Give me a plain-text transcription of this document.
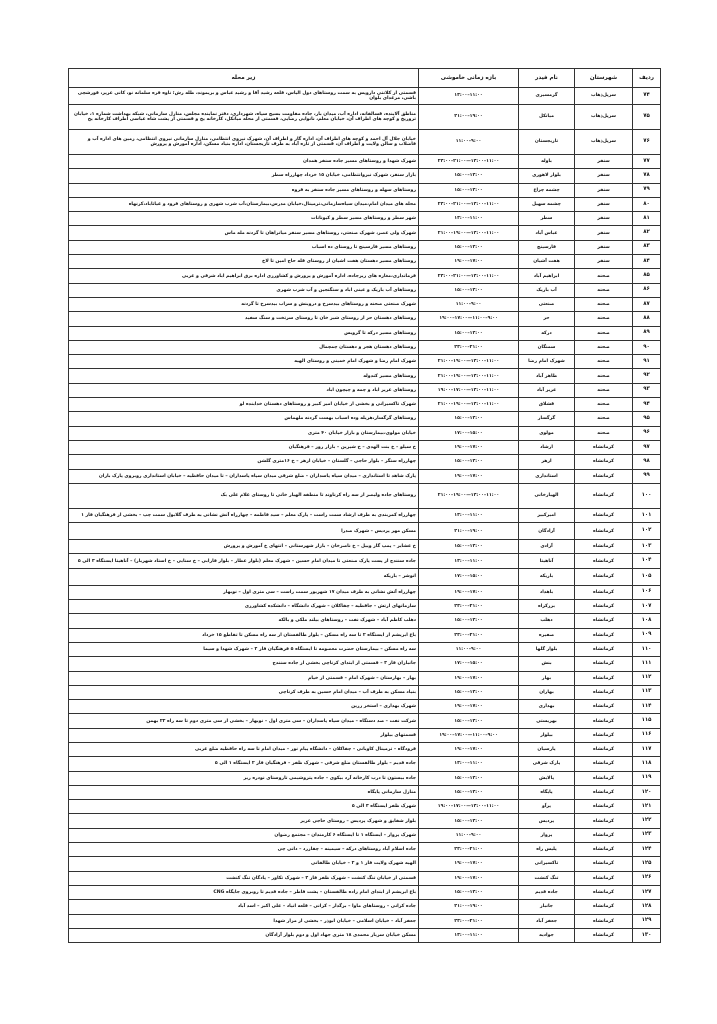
ردیف	شهرستان	نام فیدر	بازه زمانی خاموشی	زیر محله
۷۴	سرپل‌ذهاب	گرمسیری	۱۱:۰۰–۱۳:۰۰	قسمتی از کلانتی داروپس به سمت روستاهای دول الیاس، قلعه رشید آقا و رشید عباس و بریموند، طله رش؛ ناوه قره سلمانه نو، کانی عزیز، قورشچی باشی، مرغدای بلوان
۷۵	سرپل‌ذهاب	میانکل	۱۹:۰۰–۲۱:۰۰	مناطق آلاینده، قسالقانه، اداره آب، میدان بار، جاده مقاومت بسیج سپاه، شهرداری، دفتر نماینده مجلس، منازل سازمانی، شبکه بهداشت شماره ۱، خیابان تروریخ و کوچه های اطراف آن، خیابان معلم، نانوایی رضایی، قسمتی از محله میانکل، کارخانه یخ و قسمتی از پشت شاه عباسی اطراف کارخانه یخ
۷۶	سرپل‌ذهاب	تازیجستان	۹:۰۰–۱۱:۰۰	خیابان جلال آل احمد و کوچه های اطراف آن، اداره گاز و اطراف آن، شهرک نیروی انتظامی، منازل سازمانی نیروی انتظامی، زمین های اداره آب و فاضلاب و سالن ولایت و اطراف آن، قسمتی از تازه آباد به طرف تازیجستان، اداره بنیاد مسکن، اداره آموزش و پرورش
۷۷	سنقر	باوله	۱۱:۰۰–۱۳:۰۰—۲۱:۰۰–۲۳:۰۰	شهرک شهدا و روستاهای مسیر جاده سنقر همدان
۷۸	سنقر	بلوار لاهوری	۱۳:۰۰–۱۵:۰۰	بازار سنقر، شهرک نیروانتظامی، خیابان ۱۵ خرداد چهارراه سطر
۷۹	سنقر	چشمه چراغ	۱۳:۰۰–۱۵:۰۰	روستاهای سهله و روستاهای مسیر جاده سنقر به قروه
۸۰	سنقر	چشمه سهیل	۱۱:۰۰–۱۳:۰۰—۲۱:۰۰–۲۳:۰۰	محله های میدان امام،میدان سیاه‌سازمانی،ترمینال،خیابان مدرس،بیمارستان،آب شرب شهری و روستاهای فرود و غیاثاباد،کزنهاه
۸۱	سنقر	سطر	۱۱:۰۰–۱۳:۰۰	شهر سطر و روستاهای مسیر سطر و کیوناتات
۸۲	سنقر	عباس آباد	۱۱:۰۰–۱۳:۰۰—۱۹:۰۰–۲۱:۰۰	شهرک ولی عصر، شهرک صنعتی، روستاهای مسیر سنقر میانراهان تا گردنه مله ماس
۸۳	سنقر	فارسینج	۱۳:۰۰–۱۵:۰۰	روستاهای مسیر فارسینج تا روستای ده اسباب
۸۴	سنقر	هفت آشیان	۱۷:۰۰–۱۹:۰۰	روستاهای مسیر دهستان هفت اشیان از روستای قله حاج امین تا لاخ
۸۵	صحنه	ابراهیم آباد	۱۱:۰۰–۱۳:۰۰—۲۱:۰۰–۲۳:۰۰	فرمانداری،مغازه های زیرجاده، اداره آموزش و پرورش و کشاورزی اداره برق ابراهیم اباد شرقی و غربی
۸۶	صحنه	آب باریک	۱۳:۰۰–۱۵:۰۰	روستاهای آب باریک و عینی اباد و سنگنجین و آب شرب شهری
۸۷	صحنه	صنعتی	۹:۰۰–۱۱:۰۰	شهرک صنعتی صحنه و روستاهای بیدسرخ و دروبنش و سراب بیدسرخ تا گردنه
۸۸	صحنه	حر	۹:۰۰–۱۱:۰۰—۱۷:۰۰–۱۹:۰۰	روستاهای دهستان حر از روستای شیر خان تا روستای سرتخت و سنگ سفید
۸۹	صحنه	درکه	۱۳:۰۰–۱۵:۰۰	روستاهای مسیر درکه تا گرویس
۹۰	صحنه	سمنگان	۲۱:۰۰–۲۳:۰۰	روستاهای دهستان هجر و دهستان چمچمال
۹۱	صحنه	شهرک امام رضا	۱۱:۰۰–۱۳:۰۰—۱۹:۰۰–۲۱:۰۰	شهرک امام رضا و شهرک امام خمینی و روستای الهیه
۹۲	صحنه	طاهر آباد	۱۱:۰۰–۱۳:۰۰—۱۹:۰۰–۲۱:۰۰	روستاهای مسیر کندوله
۹۳	صحنه	عزیز آباد	۱۱:۰۰–۱۳:۰۰—۱۷:۰۰–۱۹:۰۰	روستاهای عزیز اباد و چمه و چیچون اباد
۹۴	صحنه	قشلاق	۱۱:۰۰–۱۳:۰۰—۱۹:۰۰–۲۱:۰۰	شهرک تاکسیرانی و بخشی از خیابان امیر کبیر و روستاهای دهستان خدابنده لو
۹۵	صحنه	گرگسار	۱۳:۰۰–۱۵:۰۰	روستاهای گرگسار،هریله وده اسباب بهست گردنه ملهماس
۹۶	صحنه	مولوی	۱۵:۰۰–۱۷:۰۰	خیابان مولوی،بیمارستان و بازار خیابان ۴۰ متری
۹۷	کرمانشاه	ارشاد	۱۷:۰۰–۱۹:۰۰	خ سیلو – خ بنت الهدی – خ شیرین – بازار روز – فرهنگیان
۹۸	کرمانشاه	ازهر	۱۳:۰۰–۱۵:۰۰	چهارراه سنگر – بلوار حاجی – گلستان – خیابان ازهر – خ ۱۶متری گلشن
۹۹	کرمانشاه	استانداری	۱۷:۰۰–۱۹:۰۰	پارک شاهد تا استانداری – میدان سپاه پاسداران – ضلع شرقی میدان سپاه پاسداران – تا میدان حافظیه – خیابان استانداری روبروی پارک بازان
۱۰۰	کرمانشاه	الهیارخانی	۱۱:۰۰–۱۳:۰۰—۱۹:۰۰–۲۱:۰۰	روستاهای جاده ولیصر از سه راه کرناوند تا منطقه الهیار خانی تا روستای غلام علی بک
۱۰۱	کرمانشاه	امیرکبیر	۱۱:۰۰–۱۳:۰۰	چهارراه کمربندی به طرف ارشاد سمت راست – پارک معلم – سید فاطمه – چهارراه آتش نشانی به طرف گلابول سمت چپ – بخشی از فرهنگیان فاز ۱
۱۰۲	کرمانشاه	آزادگان	۱۹:۰۰–۲۱:۰۰	مسکن مهر پردیس – شهرک صدرا
۱۰۳	کرمانشاه	آزادی	۱۳:۰۰–۱۵:۰۰	خ عشایر – پمپ گاز وییل – خ ناصرخان – بازار شهرستانی – انتهای خ آموزش و پرورش
۱۰۴	کرمانشاه	آناهیتا	۱۱:۰۰–۱۳:۰۰	جاده سنندج از پست پارک صنعتی تا میدان امام حسین – شهرک معلم (بلوار عطار – بلوار فارابی – خ سنایی – خ استاد شهریار) – آناهیتا ایستگاه ۳ الی ۵
۱۰۵	کرمانشاه	باریکه	۱۵:۰۰–۱۷:۰۰	انوشر – باریکه
۱۰۶	کرمانشاه	باهداد	۱۷:۰۰–۱۹:۰۰	چهارراه آتش نشانی به طرف میدان ۱۷ شهریور سمت راست – سی متری اول – نوبهار
۱۰۷	کرمانشاه	برزکراه	۲۱:۰۰–۲۳:۰۰	سازمانهای ارتش – جافطیه – چقاکلان – شهرک دانشگاه – دانشکده کشاورزی
۱۰۸	کرمانشاه	دهلب	۱۳:۰۰–۱۵:۰۰	دهلب کاظم آباد – شهرک نفت – روستاهای بیلند ملکی و بالکه
۱۰۹	کرمانشاه	صفیره	۲۱:۰۰–۲۳:۰۰	باغ ابریشم از ایستگاه ۲ تا سه راه مسکن – بلوار طالقستان از سه راه مسکن تا تقاطع ۱۵ خرداد
۱۱۰	کرمانشاه	بلوار گلها	۹:۰۰–۱۱:۰۰	سه راه مسکن – بیمارستان حضرت معصومه تا ایستگاه ۵ فرهنگیان فاز ۲ – شهرک شهدا و سیما
۱۱۱	کرمانشاه	بنش	۱۵:۰۰–۱۷:۰۰	جانبازان فاز ۳ – قسمتی از ابتدای کرناچی بخشی از جاده سنندج
۱۱۲	کرمانشاه	بهار	۱۷:۰۰–۱۹:۰۰	بهار – بهارستان – شهرک امام – قسمتی از خیام
۱۱۳	کرمانشاه	بهاران	۱۳:۰۰–۱۵:۰۰	بنیاد مسکن به طرف آب – میدان امام حسین به طرف کرناچی
۱۱۴	کرمانشاه	بهداری	۱۷:۰۰–۱۹:۰۰	شهرک بهداری – استخر زرین
۱۱۵	کرمانشاه	بهزیستی	۱۳:۰۰–۱۵:۰۰	شرکت نفت – صد دستگاه – میدان سپاه پاسداران – سی متری اول – نوبهار – بخشی از سی متری دوم تا سه راه ۲۲ بهمن
۱۱۶	کرمانشاه	بیلوار	۹:۰۰–۱۱:۰۰—۱۷:۰۰–۱۹:۰۰	قسمتهای بیلوار
۱۱۷	کرمانشاه	پارسیان	۱۷:۰۰–۱۹:۰۰	فرودگاه – ترمینال کاوبانی – چقاکلان – دانشگاه پیام نور – میدان امام تا سه راه حافظیه ضلع غربی
۱۱۸	کرمانشاه	پارک شرقی	۱۱:۰۰–۱۳:۰۰	جاده قدیم – بلوار طالقستان ضلع شرقی – شهرک ظفر – فرهنگیان فاز ۲ ایستگاه ۱ الی ۵
۱۱۹	کرمانشاه	پالایش	۱۳:۰۰–۱۵:۰۰	جاده بیستون تا درب کارخانه آرد بیکوی – جاده پتروشیمی تاروستای نودره ریز
۱۲۰	کرمانشاه	پایگاه	۱۳:۰۰–۱۵:۰۰	منازل سازمانی پایگاه
۱۲۱	کرمانشاه	پرآو	۱۱:۰۰–۱۳:۰۰—۱۷:۰۰–۱۹:۰۰	شهرک ظفر ایستگاه ۳ الی ۵
۱۲۲	کرمانشاه	پردیس	۱۳:۰۰–۱۵:۰۰	بلوار شقایق و شهرک پردیس – روستای حاجی عزیز
۱۲۳	کرمانشاه	پرواز	۹:۰۰–۱۱:۰۰	شهرک پرواز – ایستگاه ۱ تا ایستگاه ۶ کارمندان – مجتمع رضوان
۱۲۴	کرمانشاه	پلیس راه	۲۱:۰۰–۲۳:۰۰	جاده اسلام آباد روستاهای درکه – سیمینه – چقازرد – دانی چی
۱۲۵	کرمانشاه	تاکسیرانی	۱۷:۰۰–۱۹:۰۰	الهیه شهرک ولایت فاز ۱ و ۲ – خیابان طالقانی
۱۲۶	کرمانشاه	تنگ کنشت	۱۷:۰۰–۱۹:۰۰	قسمتی از خیابان تنگ کنشت – شهرک ظفر فاز ۳ – شهرک تکاور – پادگان تنگ کنشت
۱۲۷	کرمانشاه	جاده قدیم	۱۳:۰۰–۱۵:۰۰	باغ ابریشم از ابتدای امام زاده طالقستان – پشت فاطر – جاده قدیم تا روبروی جایگاه CNG
۱۲۸	کرمانشاه	جانباز	۱۹:۰۰–۲۱:۰۰	جاده کرانی – روستاهای ماوا – برگدار – کرانی – قلعه انیاد – علی اکبر – اسد آباد
۱۲۹	کرمانشاه	جعفر آباد	۲۱:۰۰–۲۳:۰۰	جعفر آباد – خیابان اسلامی – خیابان ابوذر – بخشی از مزار شهدا
۱۳۰	کرمانشاه	جوادیه	۱۱:۰۰–۱۳:۰۰	مسکن خیابان سرباز محمدی ۱۸ متری جهاد اول و دوم بلوار آزادگان
